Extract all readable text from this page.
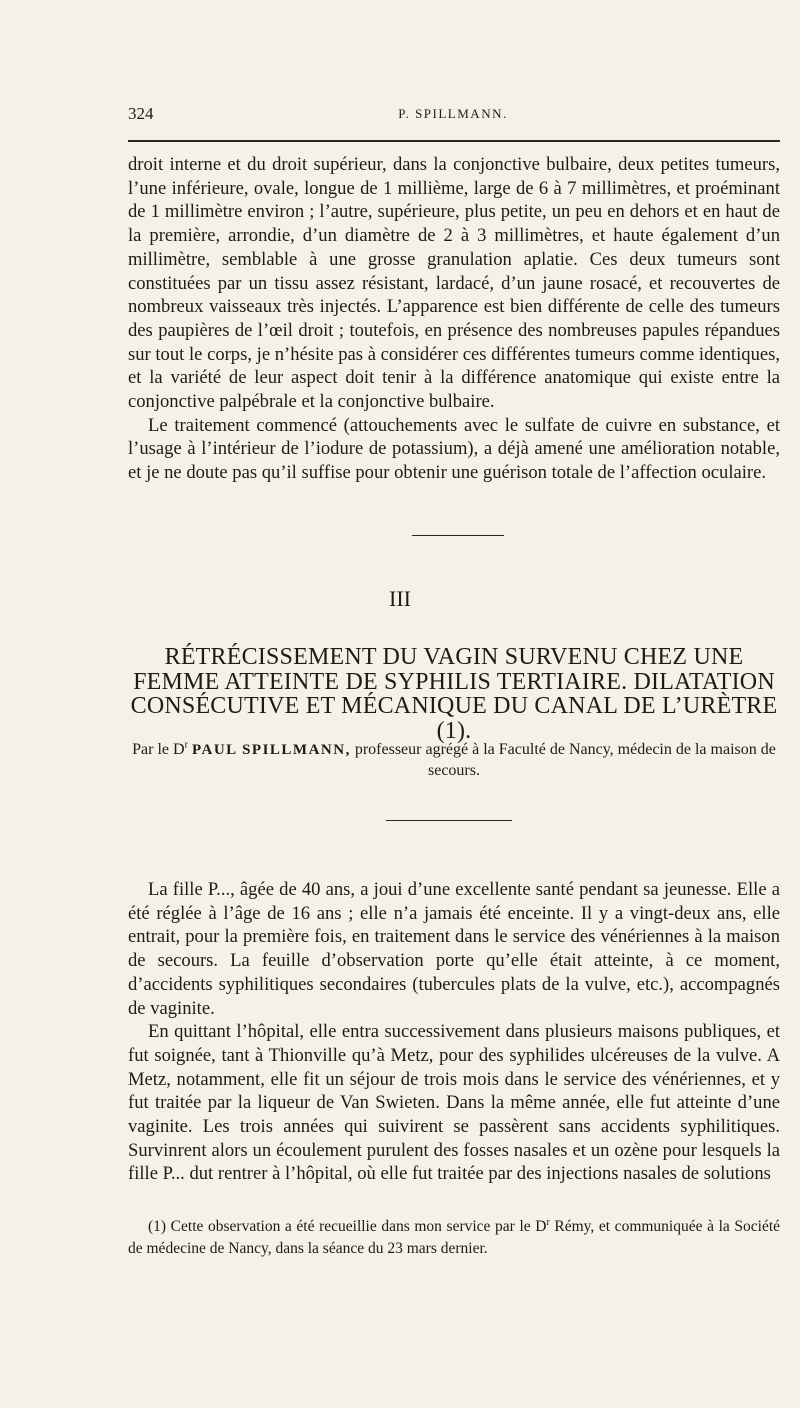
324	P. SPILLMANN.

droit interne et du droit supérieur, dans la conjonctive bulbaire, deux petites tumeurs, l’une inférieure, ovale, longue de 1 millième, large de 6 à 7 millimètres, et proéminant de 1 millimètre environ ; l’autre, supérieure, plus petite, un peu en dehors et en haut de la première, arrondie, d’un diamètre de 2 à 3 millimètres, et haute également d’un millimètre, semblable à une grosse granulation aplatie. Ces deux tumeurs sont constituées par un tissu assez résistant, lardacé, d’un jaune rosacé, et recouvertes de nombreux vaisseaux très injectés. L’apparence est bien différente de celle des tumeurs des paupières de l’œil droit ; toutefois, en présence des nombreuses papules répandues sur tout le corps, je n’hésite pas à considérer ces différentes tumeurs comme identiques, et la variété de leur aspect doit tenir à la différence anatomique qui existe entre la conjonctive palpébrale et la conjonctive bulbaire.

Le traitement commencé (attouchements avec le sulfate de cuivre en substance, et l’usage à l’intérieur de l’iodure de potassium), a déjà amené une amélioration notable, et je ne doute pas qu’il suffise pour obtenir une guérison totale de l’affection oculaire.

III
RÉTRÉCISSEMENT DU VAGIN SURVENU CHEZ UNE FEMME ATTEINTE DE SYPHILIS TERTIAIRE. DILATATION CONSÉCUTIVE ET MÉCANIQUE DU CANAL DE L’URÈTRE (1).
Par le $D^r$ PAUL SPILLMANN, professeur agrégé à la Faculté de Nancy, médecin de la maison de secours.

La fille P..., âgée de 40 ans, a joui d’une excellente santé pendant sa jeunesse. Elle a été réglée à l’âge de 16 ans ; elle n’a jamais été enceinte. Il y a vingt-deux ans, elle entrait, pour la première fois, en traitement dans le service des vénériennes à la maison de secours. La feuille d’observation porte qu’elle était atteinte, à ce moment, d’accidents syphilitiques secondaires (tubercules plats de la vulve, etc.), accompagnés de vaginite.

En quittant l’hôpital, elle entra successivement dans plusieurs maisons publiques, et fut soignée, tant à Thionville qu’à Metz, pour des syphilides ulcéreuses de la vulve. A Metz, notamment, elle fit un séjour de trois mois dans le service des vénériennes, et y fut traitée par la liqueur de Van Swieten. Dans la même année, elle fut atteinte d’une vaginite. Les trois années qui suivirent se passèrent sans accidents syphilitiques. Survinrent alors un écoulement purulent des fosses nasales et un ozène pour lesquels la fille P... dut rentrer à l’hôpital, où elle fut traitée par des injections nasales de solutions

(1) Cette observation a été recueillie dans mon service par le $D^r$ Rémy, et communiquée à la Société de médecine de Nancy, dans la séance du 23 mars dernier.
